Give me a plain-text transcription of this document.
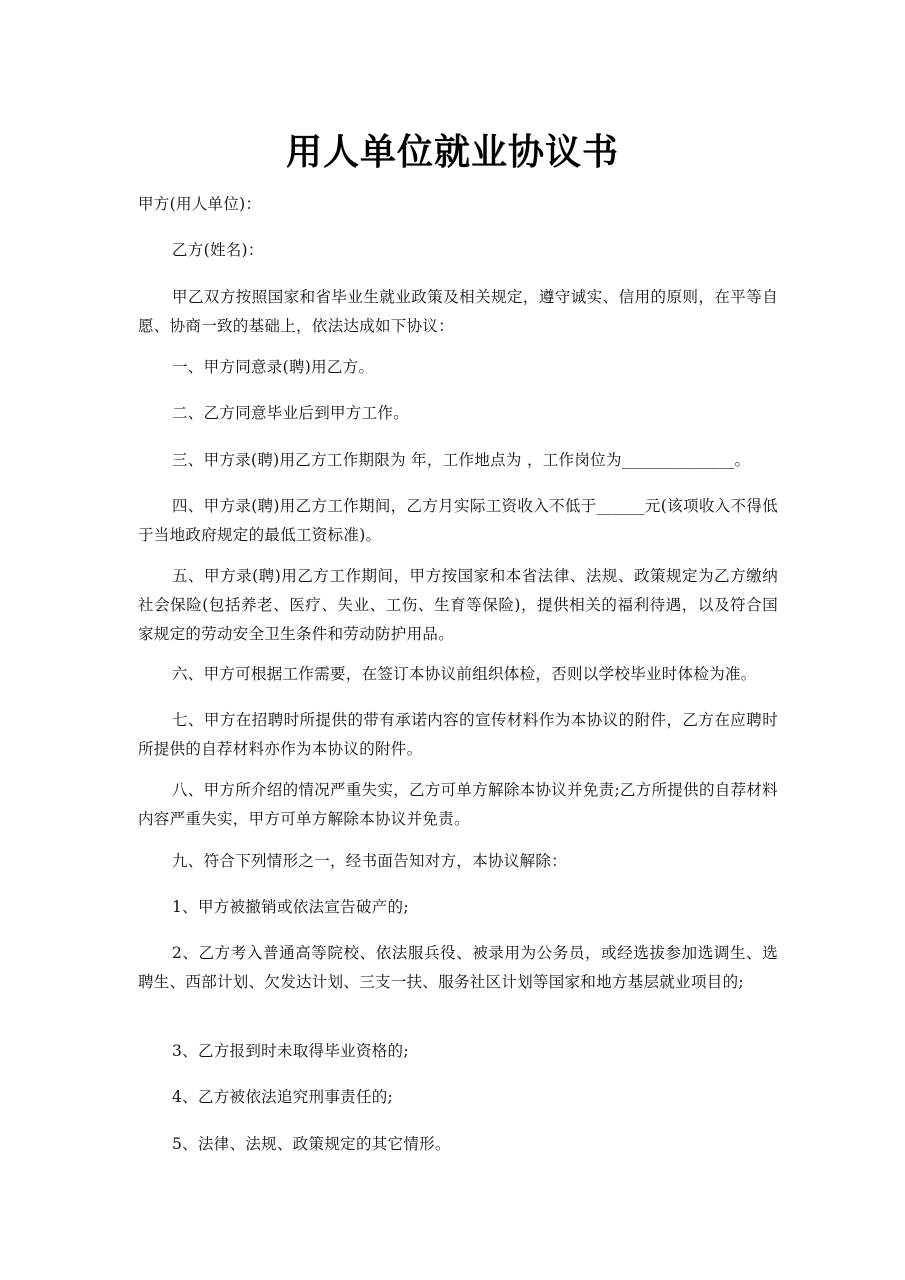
用人单位就业协议书
甲方(用人单位)：
乙方(姓名)：
甲乙双方按照国家和省毕业生就业政策及相关规定，遵守诚实、信用的原则，在平等自愿、协商一致的基础上，依法达成如下协议：
一、甲方同意录(聘)用乙方。
二、乙方同意毕业后到甲方工作。
三、甲方录(聘)用乙方工作期限为 年，工作地点为 ，工作岗位为______________。
四、甲方录(聘)用乙方工作期间，乙方月实际工资收入不低于______元(该项收入不得低于当地政府规定的最低工资标准)。
五、甲方录(聘)用乙方工作期间，甲方按国家和本省法律、法规、政策规定为乙方缴纳社会保险(包括养老、医疗、失业、工伤、生育等保险)，提供相关的福利待遇，以及符合国家规定的劳动安全卫生条件和劳动防护用品。
六、甲方可根据工作需要，在签订本协议前组织体检，否则以学校毕业时体检为准。
七、甲方在招聘时所提供的带有承诺内容的宣传材料作为本协议的附件，乙方在应聘时所提供的自荐材料亦作为本协议的附件。
八、甲方所介绍的情况严重失实，乙方可单方解除本协议并免责;乙方所提供的自荐材料内容严重失实，甲方可单方解除本协议并免责。
九、符合下列情形之一，经书面告知对方，本协议解除：
1、甲方被撤销或依法宣告破产的;
2、乙方考入普通高等院校、依法服兵役、被录用为公务员，或经选拔参加选调生、选聘生、西部计划、欠发达计划、三支一扶、服务社区计划等国家和地方基层就业项目的;
3、乙方报到时未取得毕业资格的;
4、乙方被依法追究刑事责任的;
5、法律、法规、政策规定的其它情形。
